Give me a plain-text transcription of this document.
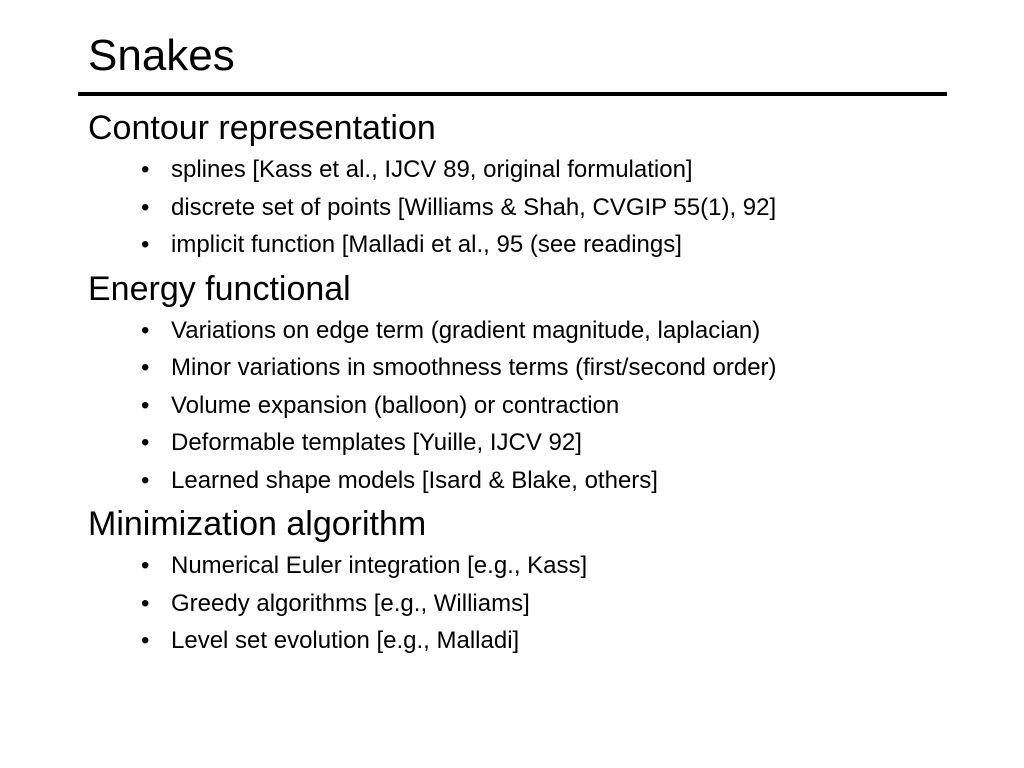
Snakes
Contour representation
• splines [Kass et al., IJCV 89, original formulation]
• discrete set of points [Williams & Shah, CVGIP 55(1), 92]
• implicit function [Malladi et al., 95 (see readings]
Energy functional
• Variations on edge term (gradient magnitude, laplacian)
• Minor variations in smoothness terms (first/second order)
• Volume expansion (balloon) or contraction
• Deformable templates [Yuille, IJCV 92]
• Learned shape models [Isard & Blake, others]
Minimization algorithm
• Numerical Euler integration [e.g., Kass]
• Greedy algorithms [e.g., Williams]
• Level set evolution [e.g., Malladi]
